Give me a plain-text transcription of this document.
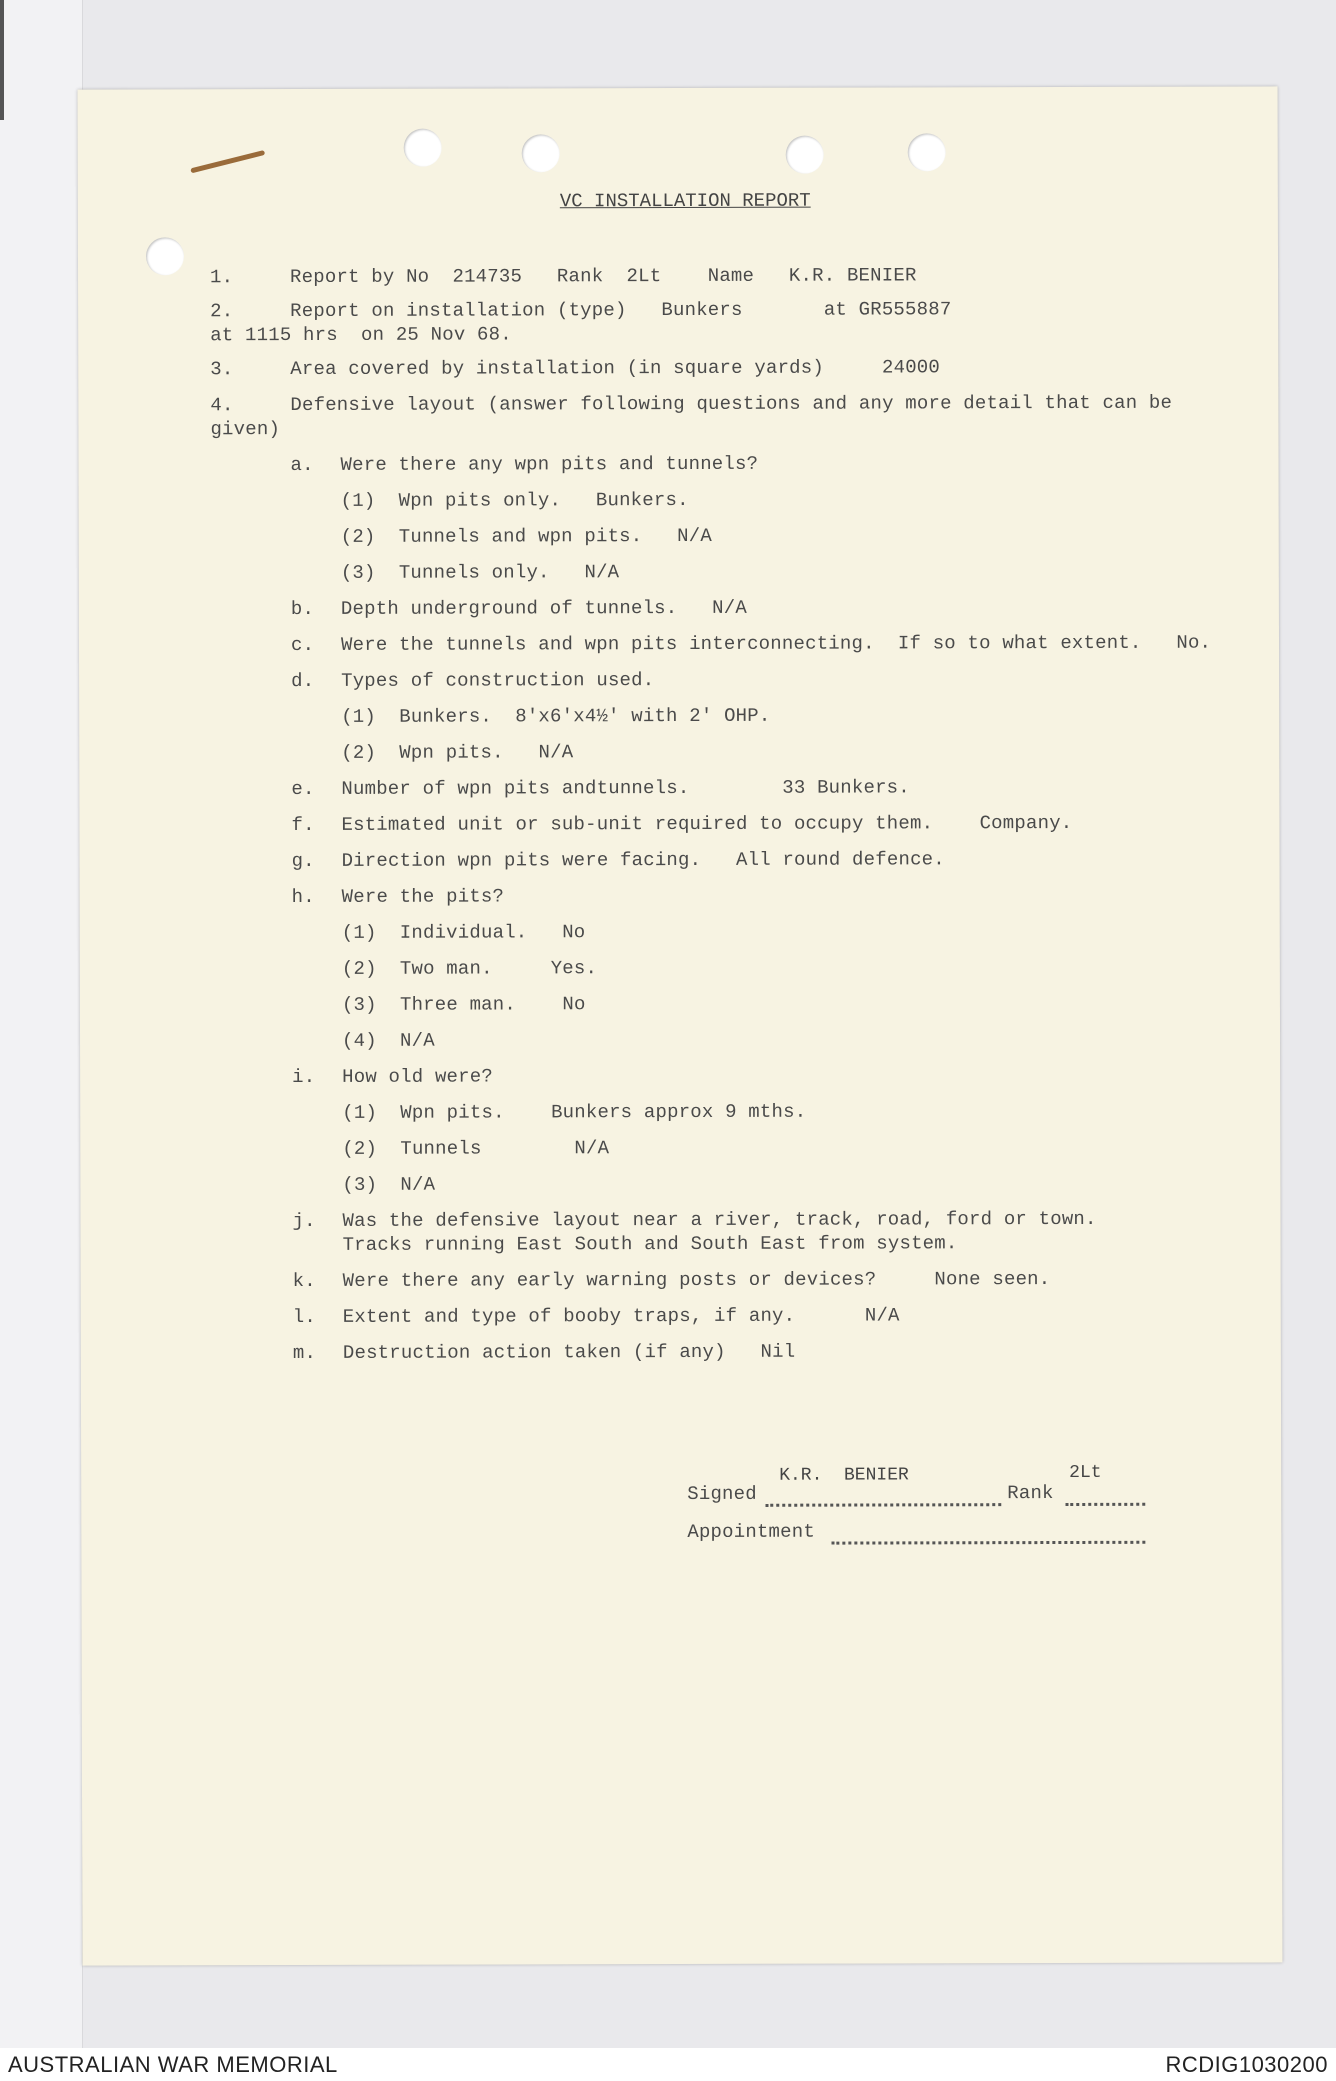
VC INSTALLATION REPORT
1.	Report by No  214735   Rank  2Lt    Name   K.R. BENIER
2.	Report on installation (type)   Bunkers       at GR555887
at 1115 hrs  on 25 Nov 68.
3.	Area covered by installation (in square yards)     24000
4.	Defensive layout (answer following questions and any more detail that can be
given)
a. Were there any wpn pits and tunnels?
(1)  Wpn pits only.   Bunkers.
(2)  Tunnels and wpn pits.   N/A
(3)  Tunnels only.   N/A
b. Depth underground of tunnels.   N/A
c. Were the tunnels and wpn pits interconnecting.  If so to what extent.   No.
d. Types of construction used.
(1)  Bunkers.  8'x6'x4½' with 2' OHP.
(2)  Wpn pits.   N/A
e. Number of wpn pits andtunnels.        33 Bunkers.
f. Estimated unit or sub-unit required to occupy them.    Company.
g. Direction wpn pits were facing.   All round defence.
h. Were the pits?
(1)  Individual.   No
(2)  Two man.     Yes.
(3)  Three man.    No
(4)  N/A
i. How old were?
(1)  Wpn pits.    Bunkers approx 9 mths.
(2)  Tunnels        N/A
(3)  N/A
j. Was the defensive layout near a river, track, road, ford or town.
Tracks running East South and South East from system.
k. Were there any early warning posts or devices?     None seen.
l. Extent and type of booby traps, if any.      N/A
m. Destruction action taken (if any)   Nil
Signed
K.R.  BENIER
Rank
2Lt
Appointment
AUSTRALIAN WAR MEMORIAL	RCDIG1030200
